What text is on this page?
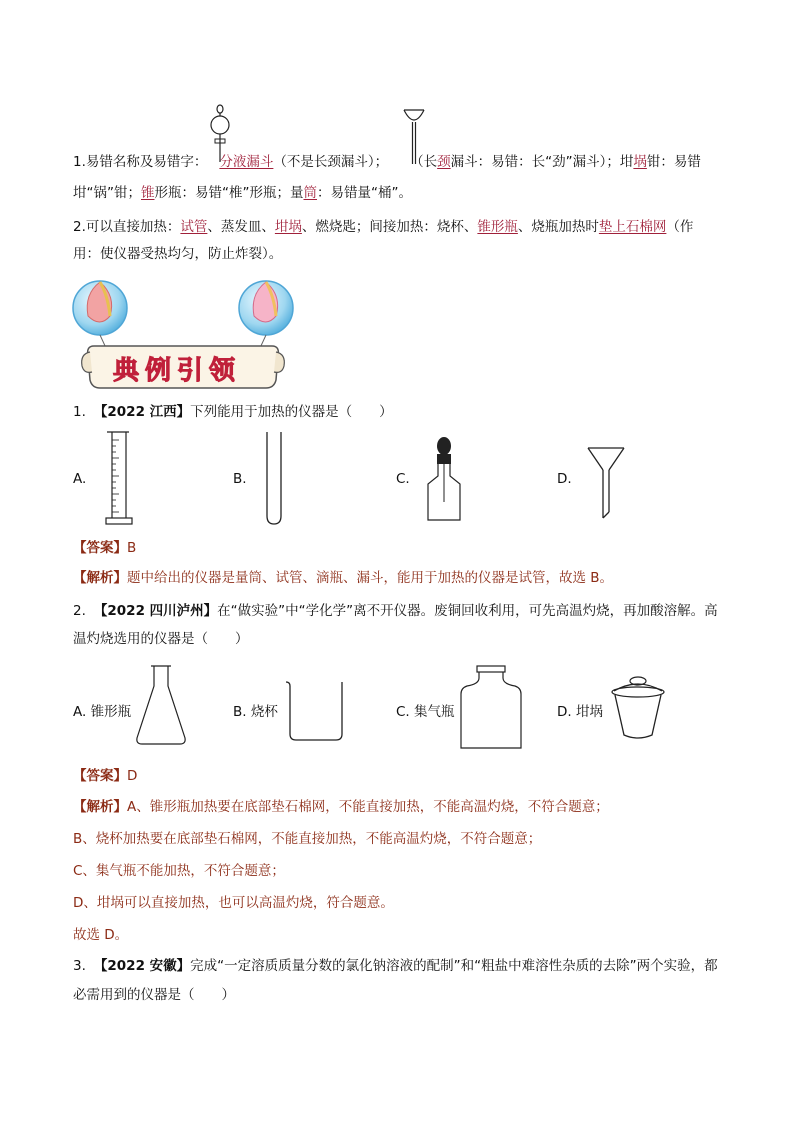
1.易错名称及易错字： 分液漏斗（不是长颈漏斗）； （长颈漏斗：易错：长“劲”漏斗）；坩埚钳：易错
坩“锅”钳；锥形瓶：易错“椎”形瓶；量筒：易错量“桶”。
2.可以直接加热：试管、蒸发皿、坩埚、燃烧匙；间接加热：烧杯、锥形瓶、烧瓶加热时垫上石棉网（作
用：使仪器受热均匀，防止炸裂）。
典例引领
1. 【2022 江西】下列能用于加热的仪器是（　　）
A.	B.	C.	D.
【答案】B
【解析】题中给出的仪器是量筒、试管、滴瓶、漏斗，能用于加热的仪器是试管，故选 B。
2. 【2022 四川泸州】在“做实验”中“学化学”离不开仪器。废铜回收利用，可先高温灼烧，再加酸溶解。高
温灼烧选用的仪器是（　　）
A. 锥形瓶	B. 烧杯	C. 集气瓶	D. 坩埚
【答案】D
【解析】A、锥形瓶加热要在底部垫石棉网，不能直接加热，不能高温灼烧，不符合题意；
B、烧杯加热要在底部垫石棉网，不能直接加热，不能高温灼烧，不符合题意；
C、集气瓶不能加热，不符合题意；
D、坩埚可以直接加热，也可以高温灼烧，符合题意。
故选 D。
3. 【2022 安徽】完成“一定溶质质量分数的氯化钠溶液的配制”和“粗盐中难溶性杂质的去除”两个实验，都
必需用到的仪器是（　　）
